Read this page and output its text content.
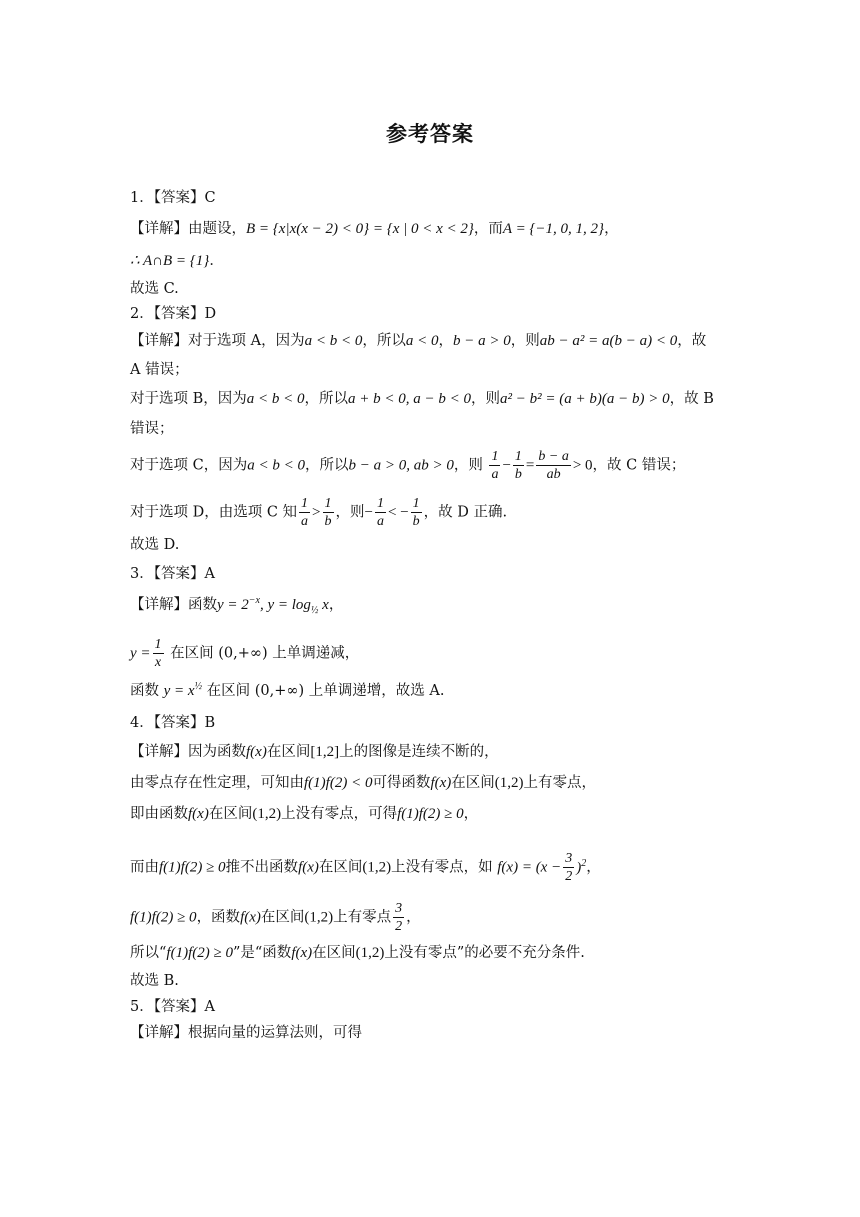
参考答案
1．【答案】C
【详解】由题设，B = {x|x(x − 2) < 0} = {x | 0 < x < 2}，而A = {−1, 0, 1, 2}，
∴ A∩B = {1}．
故选 C.
2．【答案】D
【详解】对于选项 A，因为a < b < 0，所以a < 0，b − a > 0，则ab − a² = a(b − a) < 0，故
A 错误；
对于选项 B，因为a < b < 0，所以a + b < 0, a − b < 0，则a² − b² = (a + b)(a − b) > 0，故 B
错误；
对于选项 C，因为a < b < 0，所以b − a > 0, ab > 0，则 $\frac{1}{a} - \frac{1}{b} = \frac{b - a}{ab} > 0$，故 C 错误；
对于选项 D，由选项 C 知 $\frac{1}{a} > \frac{1}{b}$ ，则− $\frac{1}{a}$ < − $\frac{1}{b}$ ，故 D 正确.
故选 D.
3．【答案】A
【详解】函数$y = 2^{-x}$, $y = \log_{\frac{1}{2}} x$，
$y = \frac{1}{x}$ 在区间 (0,+∞) 上单调递减，
函数 $y = x^{\frac{1}{2}}$ 在区间 (0,+∞) 上单调递增，故选 A.
4．【答案】B
【详解】因为函数f(x)在区间[1,2]上的图像是连续不断的，
由零点存在性定理，可知由f(1)f(2) < 0可得函数f(x)在区间(1,2)上有零点，
即由函数f(x)在区间(1,2)上没有零点，可得f(1)f(2) ≥ 0，
而由f(1)f(2) ≥ 0推不出函数f(x)在区间(1,2)上没有零点，如 $f(x) = (x - \frac{3}{2} )^2$，
f(1)f(2) ≥ 0，函数f(x)在区间(1,2)上有零点 $\frac{3}{2}$ ，
所以“f(1)f(2) ≥ 0”是“函数f(x)在区间(1,2)上没有零点”的必要不充分条件.
故选 B.
5．【答案】A
【详解】根据向量的运算法则，可得
